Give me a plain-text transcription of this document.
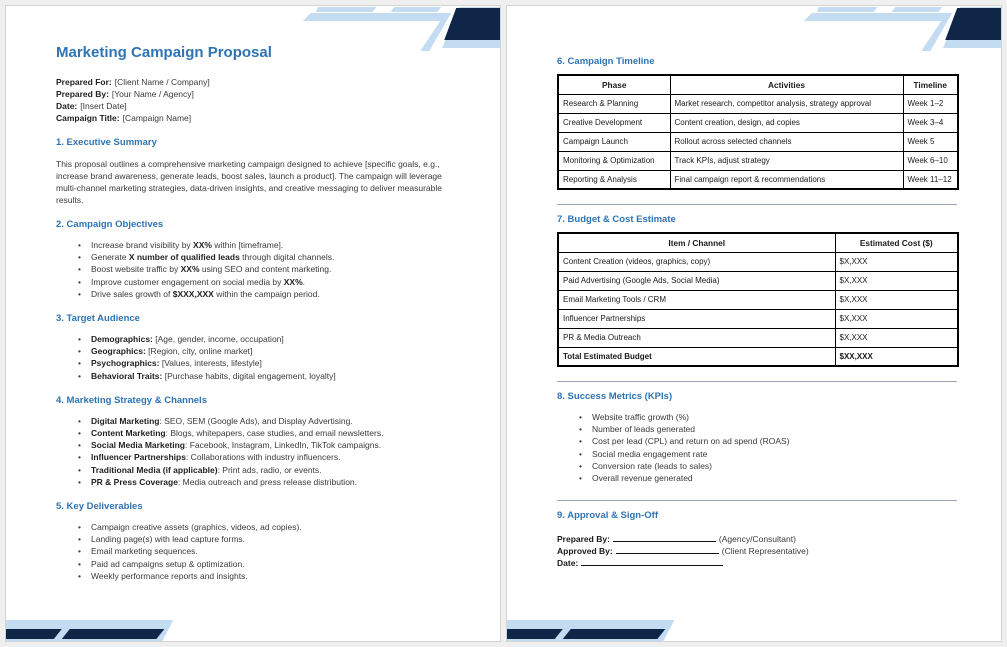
Marketing Campaign Proposal

Prepared For: [Client Name / Company]

Prepared By: [Your Name / Agency]

Date: [Insert Date]

Campaign Title: [Campaign Name]

1. Executive Summary

This proposal outlines a comprehensive marketing campaign designed to achieve [specific goals, e.g., increase brand awareness, generate leads, boost sales, launch a product]. The campaign will leverage multi-channel marketing strategies, data-driven insights, and creative messaging to deliver measurable results.

2. Campaign Objectives
• Increase brand visibility by XX% within [timeframe].
• Generate X number of qualified leads through digital channels.
• Boost website traffic by XX% using SEO and content marketing.
• Improve customer engagement on social media by XX%.
• Drive sales growth of $XXX,XXX within the campaign period.
3. Target Audience
• Demographics: [Age, gender, income, occupation]
• Geographics: [Region, city, online market]
• Psychographics: [Values, interests, lifestyle]
• Behavioral Traits: [Purchase habits, digital engagement, loyalty]
4. Marketing Strategy & Channels
• Digital Marketing: SEO, SEM (Google Ads), and Display Advertising.
• Content Marketing: Blogs, whitepapers, case studies, and email newsletters.
• Social Media Marketing: Facebook, Instagram, LinkedIn, TikTok campaigns.
• Influencer Partnerships: Collaborations with industry influencers.
• Traditional Media (if applicable): Print ads, radio, or events.
• PR & Press Coverage: Media outreach and press release distribution.
5. Key Deliverables
• Campaign creative assets (graphics, videos, ad copies).
• Landing page(s) with lead capture forms.
• Email marketing sequences.
• Paid ad campaigns setup & optimization.
• Weekly performance reports and insights.
6. Campaign Timeline
Phase	Activities	Timeline
Research & Planning	Market research, competitor analysis, strategy approval	Week 1–2
Creative Development	Content creation, design, ad copies	Week 3–4
Campaign Launch	Rollout across selected channels	Week 5
Monitoring & Optimization	Track KPIs, adjust strategy	Week 6–10
Reporting & Analysis	Final campaign report & recommendations	Week 11–12
7. Budget & Cost Estimate
Item / Channel	Estimated Cost ($)
Content Creation (videos, graphics, copy)	$X,XXX
Paid Advertising (Google Ads, Social Media)	$X,XXX
Email Marketing Tools / CRM	$X,XXX
Influencer Partnerships	$X,XXX
PR & Media Outreach	$X,XXX
Total Estimated Budget	$XX,XXX
8. Success Metrics (KPIs)
• Website traffic growth (%)
• Number of leads generated
• Cost per lead (CPL) and return on ad spend (ROAS)
• Social media engagement rate
• Conversion rate (leads to sales)
• Overall revenue generated
9. Approval & Sign-Off

Prepared By:	(Agency/Consultant)

Approved By:	(Client Representative)

Date:
